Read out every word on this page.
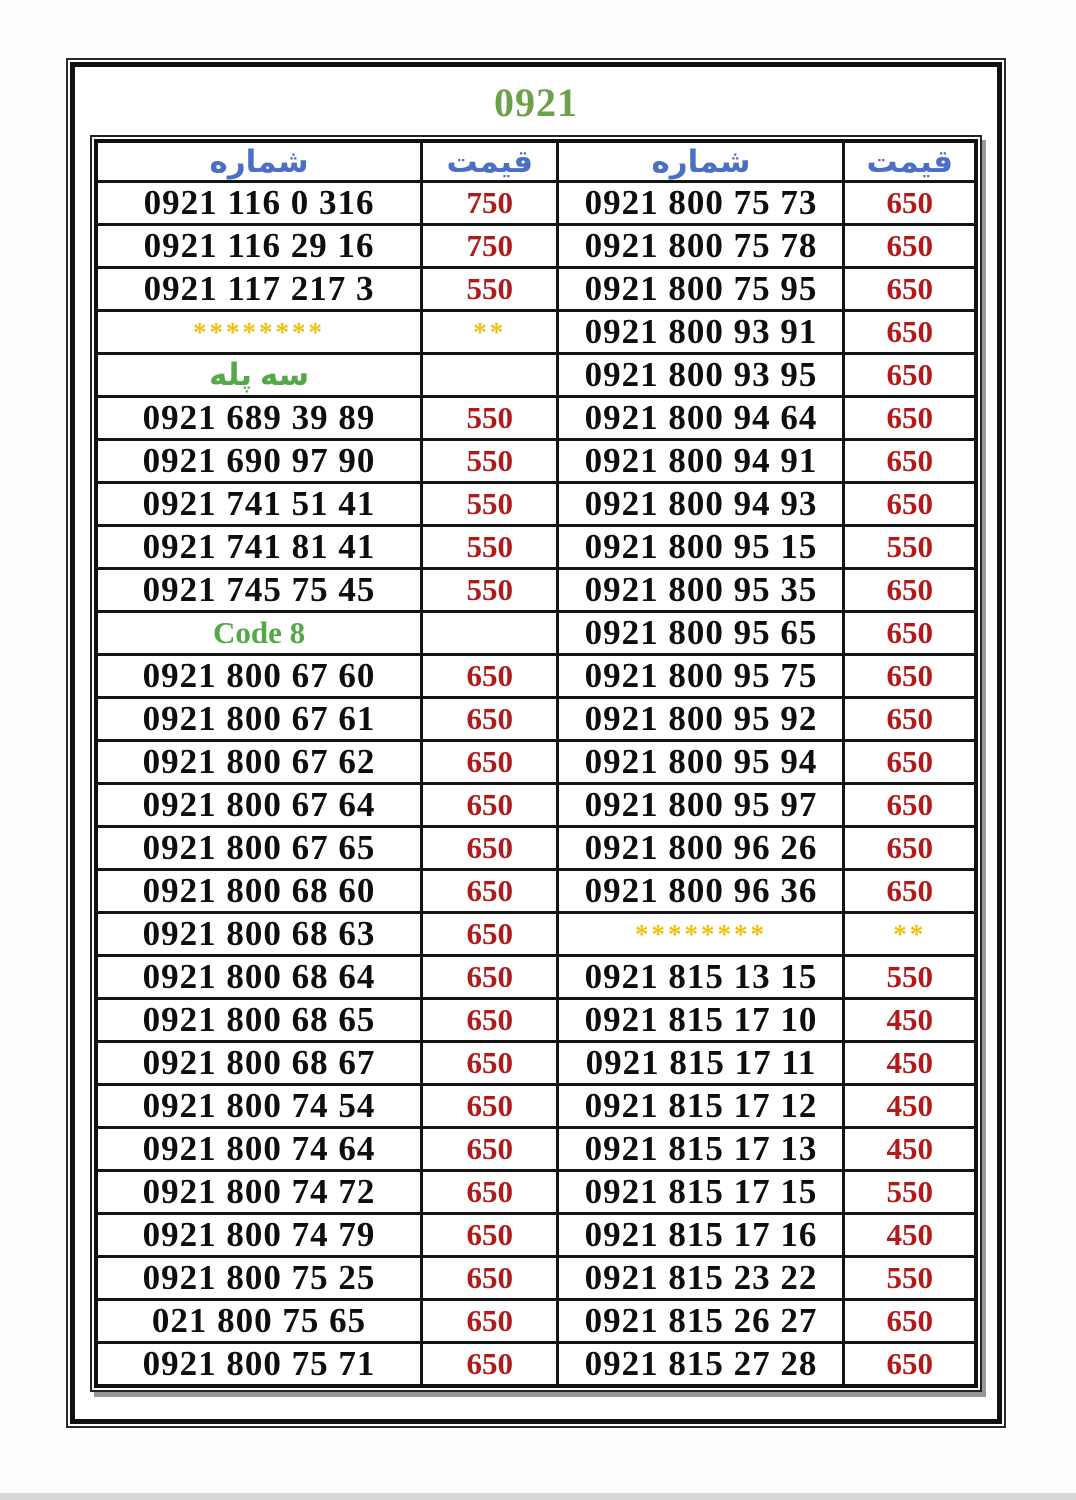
0921
شماره	قیمت	شماره	قیمت
0921 116 0 316	750	0921 800 75 73	650
0921 116 29 16	750	0921 800 75 78	650
0921 117 217 3	550	0921 800 75 95	650
********	**	0921 800 93 91	650
سه پله		0921 800 93 95	650
0921 689 39 89	550	0921 800 94 64	650
0921 690 97 90	550	0921 800 94 91	650
0921 741 51 41	550	0921 800 94 93	650
0921 741 81 41	550	0921 800 95 15	550
0921 745 75 45	550	0921 800 95 35	650
Code 8		0921 800 95 65	650
0921 800 67 60	650	0921 800 95 75	650
0921 800 67 61	650	0921 800 95 92	650
0921 800 67 62	650	0921 800 95 94	650
0921 800 67 64	650	0921 800 95 97	650
0921 800 67 65	650	0921 800 96 26	650
0921 800 68 60	650	0921 800 96 36	650
0921 800 68 63	650	********	**
0921 800 68 64	650	0921 815 13 15	550
0921 800 68 65	650	0921 815 17 10	450
0921 800 68 67	650	0921 815 17 11	450
0921 800 74 54	650	0921 815 17 12	450
0921 800 74 64	650	0921 815 17 13	450
0921 800 74 72	650	0921 815 17 15	550
0921 800 74 79	650	0921 815 17 16	450
0921 800 75 25	650	0921 815 23 22	550
021 800 75 65	650	0921 815 26 27	650
0921 800 75 71	650	0921 815 27 28	650
